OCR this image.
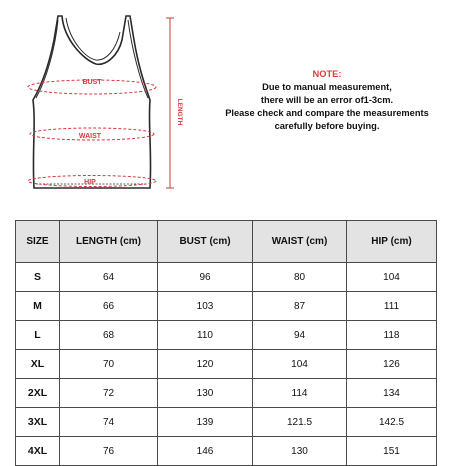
BUST
WAIST
HIP
LENGTH
NOTE:
Due to manual measurement,
there will be an error of1-3cm.
Please check and compare the measurements
carefully before buying.
SIZE	LENGTH (cm)	BUST (cm)	WAIST (cm)	HIP (cm)
S	64	96	80	104
M	66	103	87	111
L	68	110	94	118
XL	70	120	104	126
2XL	72	130	114	134
3XL	74	139	121.5	142.5
4XL	76	146	130	151
